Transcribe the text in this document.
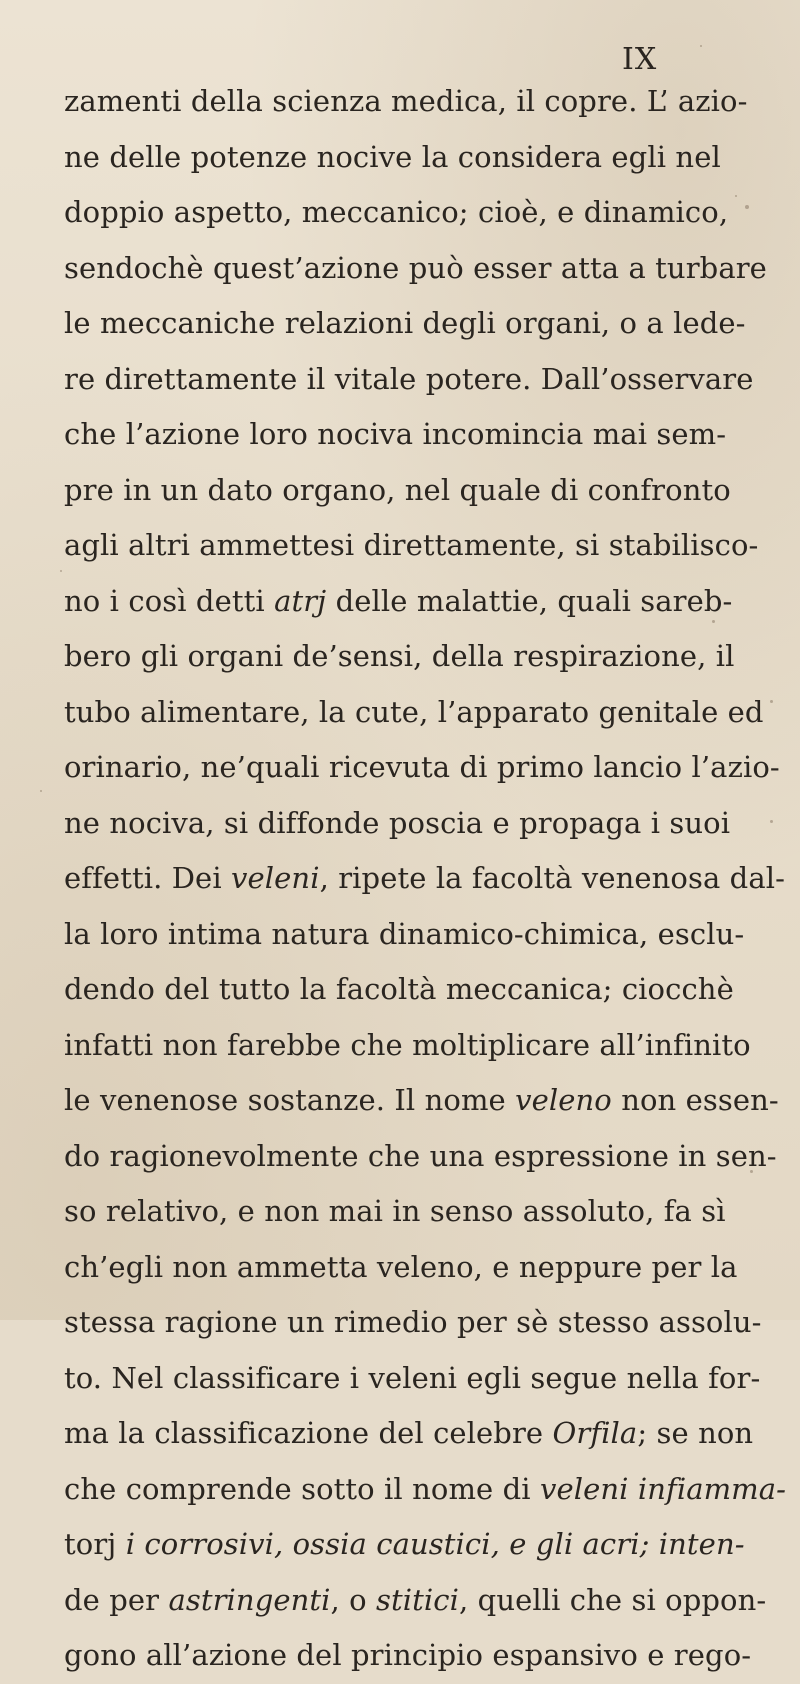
IX
zamenti della scienza medica, il copre. L’ azio-
ne delle potenze nocive la considera egli nel
doppio aspetto, meccanico; cioè, e dinamico,
sendochè quest’azione può esser atta a turbare
le meccaniche relazioni degli organi, o a lede-
re direttamente il vitale potere. Dall’osservare
che l’azione loro nociva incomincia mai sem-
pre in un dato organo, nel quale di confronto
agli altri ammettesi direttamente, si stabilisco-
no i così detti atrj delle malattie, quali sareb-
bero gli organi de’sensi, della respirazione, il
tubo alimentare, la cute, l’apparato genitale ed
orinario, ne’quali ricevuta di primo lancio l’azio-
ne nociva, si diffonde poscia e propaga i suoi
effetti. Dei veleni, ripete la facoltà venenosa dal-
la loro intima natura dinamico-chimica, esclu-
dendo del tutto la facoltà meccanica; ciocchè
infatti non farebbe che moltiplicare all’infinito
le venenose sostanze. Il nome veleno non essen-
do ragionevolmente che una espressione in sen-
so relativo, e non mai in senso assoluto, fa sì
ch’egli non ammetta veleno, e neppure per la
stessa ragione un rimedio per sè stesso assolu-
to. Nel classificare i veleni egli segue nella for-
ma la classificazione del celebre Orfila; se non
che comprende sotto il nome di veleni infiamma-
torj i corrosivi, ossia caustici, e gli acri; inten-
de per astringenti, o stitici, quelli che si oppon-
gono all’azione del principio espansivo e rego-
